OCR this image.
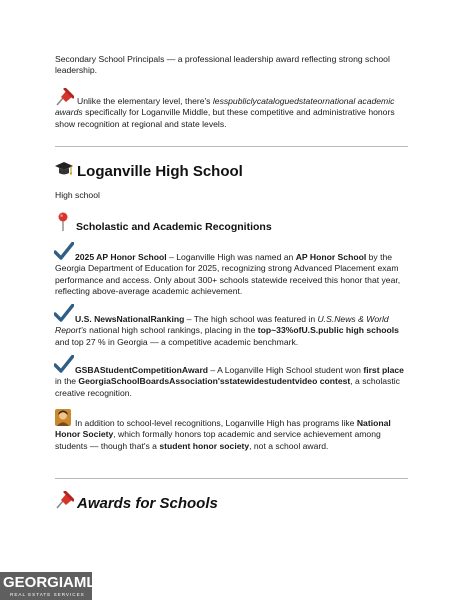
Secondary School Principals — a professional leadership award reflecting strong school
leadership.
Unlike the elementary level, there's lesspubliclycataloguedstateornational academic awards specifically for Loganville Middle, but these competitive and administrative honors show recognition at regional and state levels.
Loganville High School
High school
Scholastic and Academic Recognitions
2025 AP Honor School – Loganville High was named an AP Honor School by the Georgia Department of Education for 2025, recognizing strong Advanced Placement exam performance and access. Only about 300+ schools statewide received this honor that year, reflecting above-average academic achievement.
U.S. NewsNationalRanking – The high school was featured in U.S.News & World Report's national high school rankings, placing in the top~33%ofU.S.public high schools and top 27 % in Georgia — a competitive academic benchmark.
GSBAStudentCompetitionAward – A Loganville High School student won first place in the GeorgiaSchoolBoardsAssociation'sstatewidestudentvideo contest, a scholastic creative recognition.
In addition to school-level recognitions, Loganville High has programs like National Honor Society, which formally honors top academic and service achievement among students — though that's a student honor society, not a school award.
Awards for Schools
GEORGIAMLS
REAL ESTATE SERVICES
